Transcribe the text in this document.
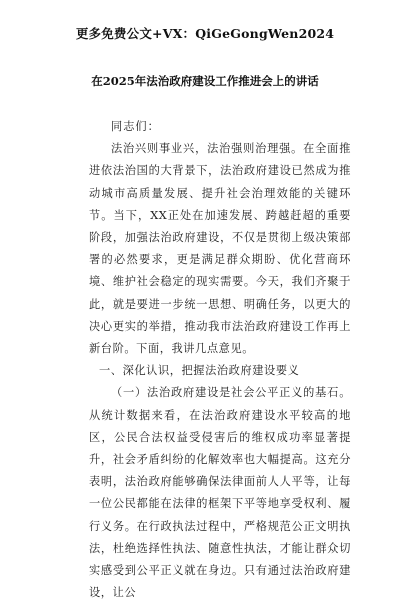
更多免费公文+VX：QiGeGongWen2024
在2025年法治政府建设工作推进会上的讲话

同志们：

法治兴则事业兴，法治强则治理强。在全面推进依法治国的大背景下，法治政府建设已然成为推动城市高质量发展、提升社会治理效能的关键环节。当下，XX正处在加速发展、跨越赶超的重要阶段，加强法治政府建设，不仅是贯彻上级决策部署的必然要求，更是满足群众期盼、优化营商环境、维护社会稳定的现实需要。今天，我们齐聚于此，就是要进一步统一思想、明确任务，以更大的决心更实的举措，推动我市法治政府建设工作再上新台阶。下面，我讲几点意见。

一、深化认识，把握法治政府建设要义

（一）法治政府建设是社会公平正义的基石。从统计数据来看，在法治政府建设水平较高的地区，公民合法权益受侵害后的维权成功率显著提升，社会矛盾纠纷的化解效率也大幅提高。这充分表明，法治政府能够确保法律面前人人平等，让每一位公民都能在法律的框架下平等地享受权利、履行义务。在行政执法过程中，严格规范公正文明执法，杜绝选择性执法、随意性执法，才能让群众切实感受到公平正义就在身边。只有通过法治政府建设，让公
